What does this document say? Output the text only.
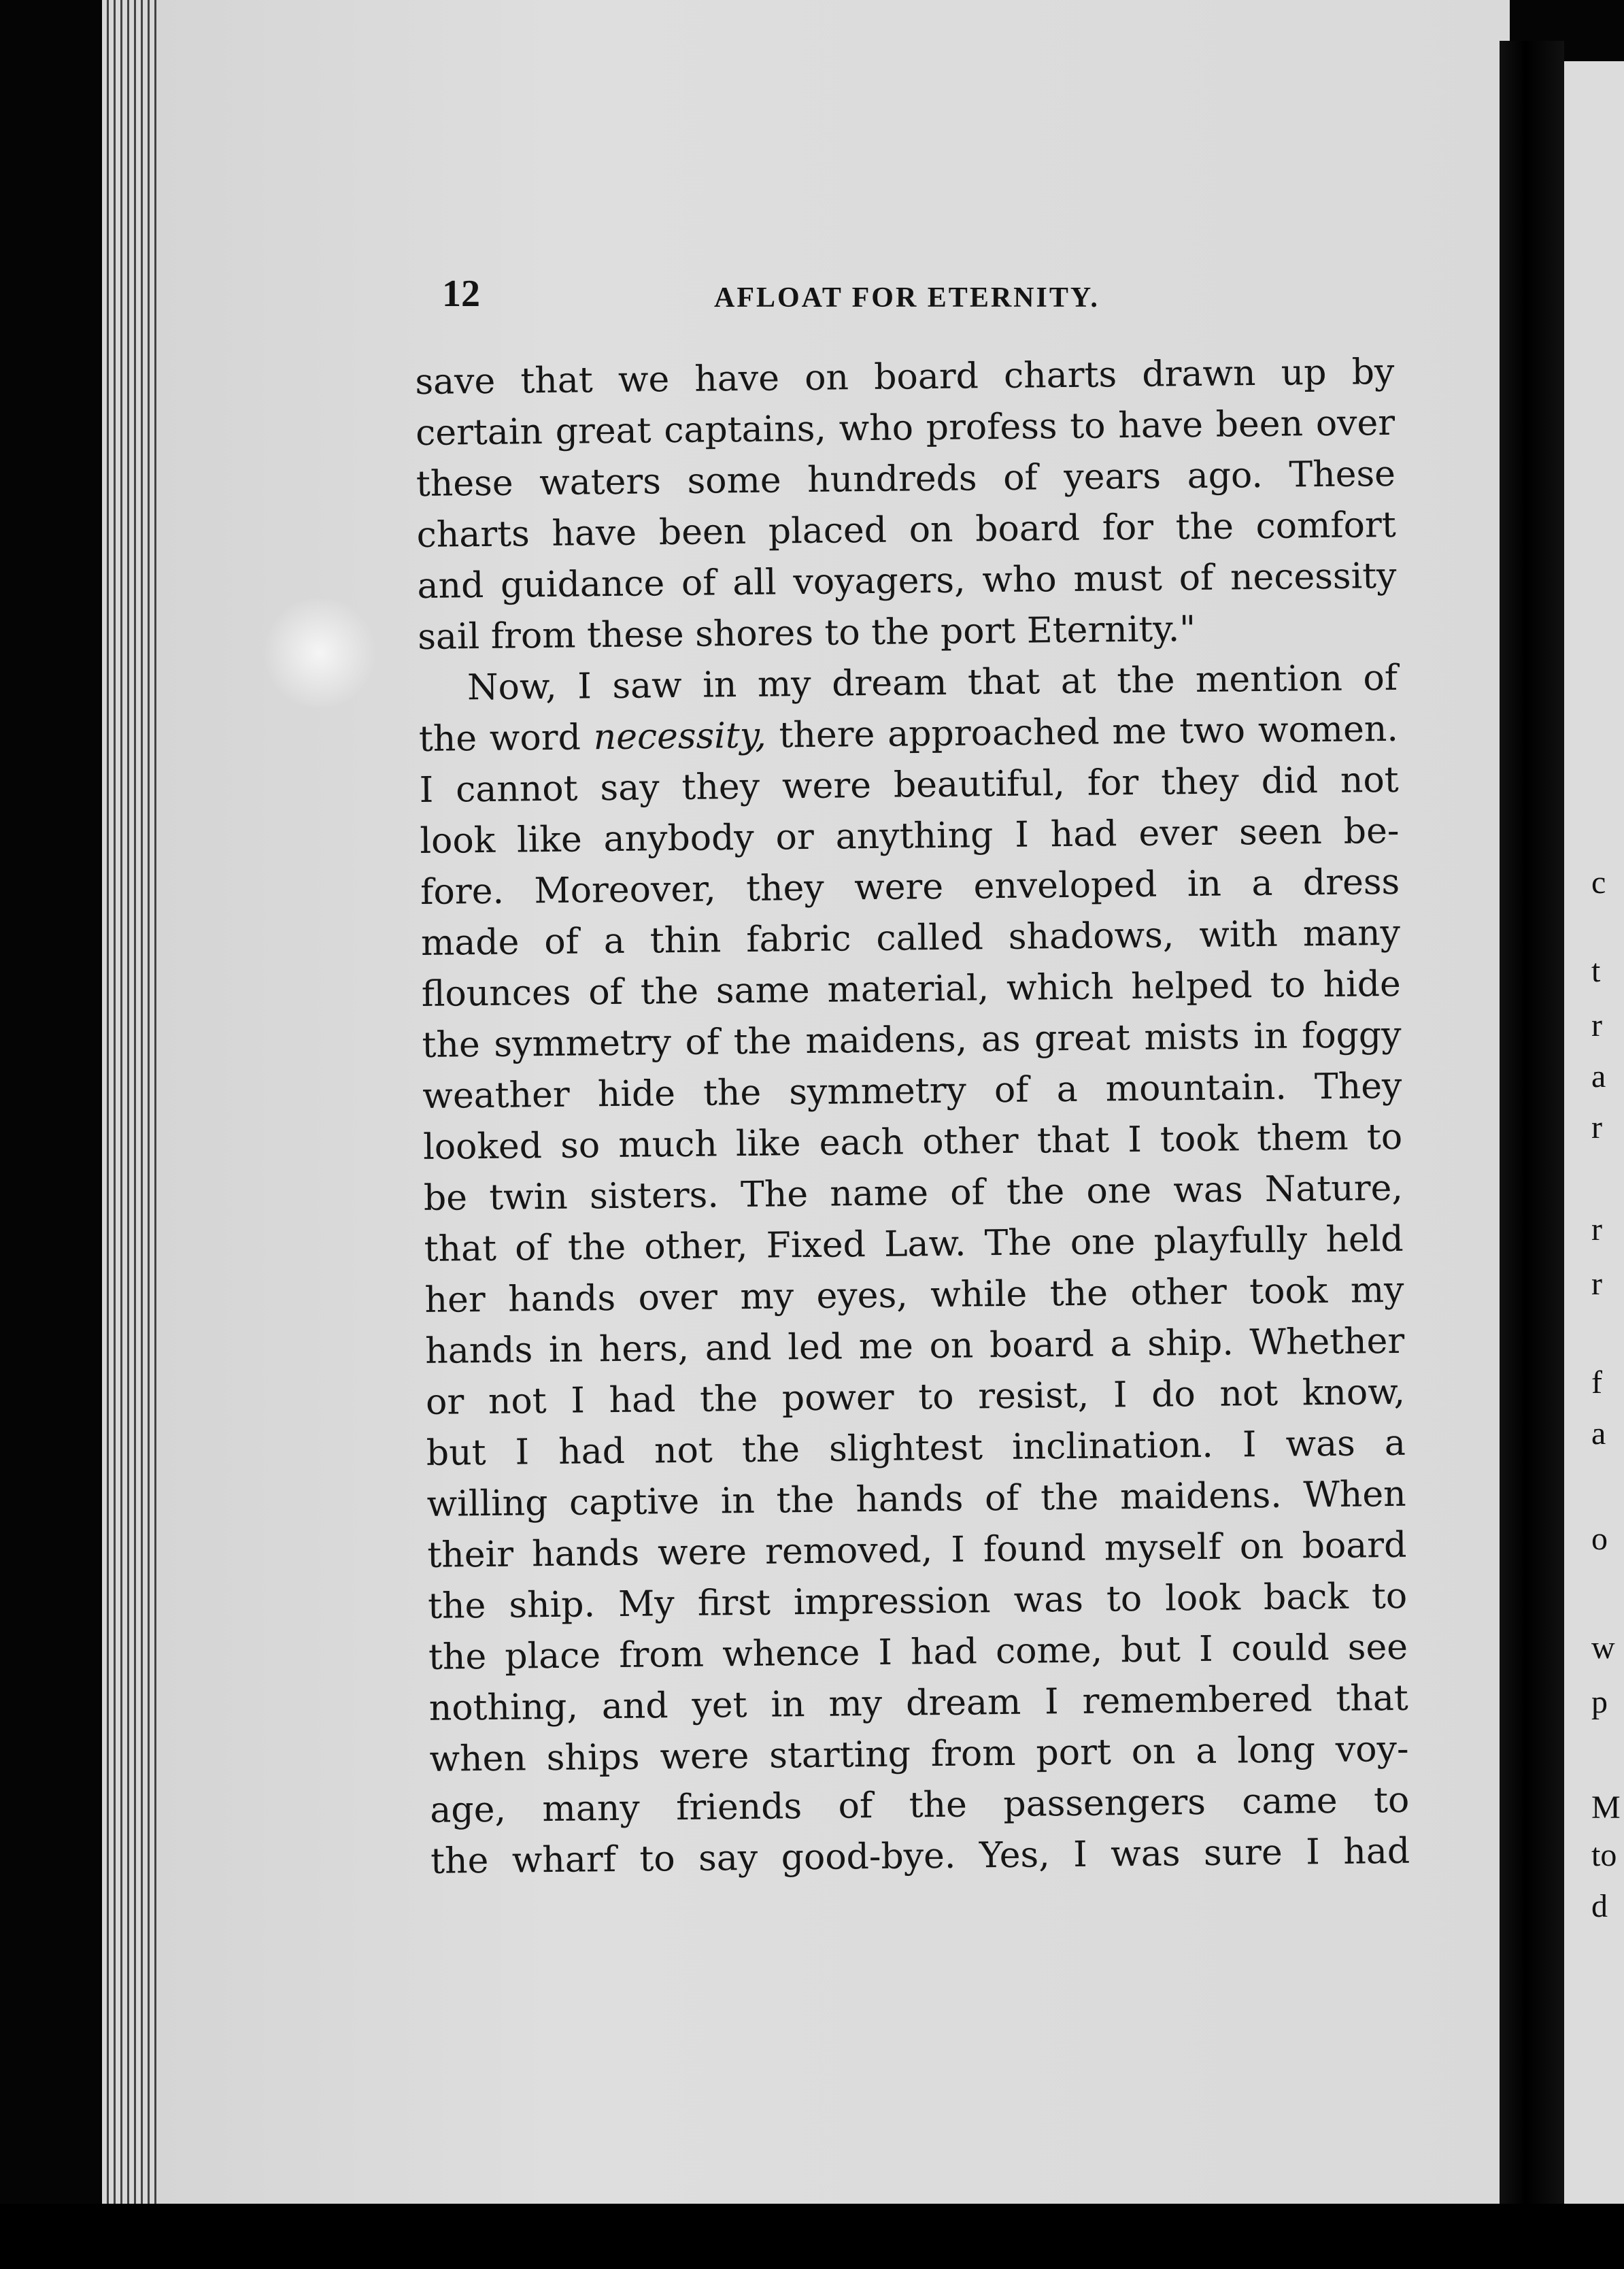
12	AFLOAT FOR ETERNITY.
save that we have on board charts drawn up by
certain great captains, who profess to have been over
these waters some hundreds of years ago. These
charts have been placed on board for the comfort
and guidance of all voyagers, who must of necessity
sail from these shores to the port Eternity."
Now, I saw in my dream that at the mention of
the word necessity, there approached me two women.
I cannot say they were beautiful, for they did not
look like anybody or anything I had ever seen be-
fore. Moreover, they were enveloped in a dress
made of a thin fabric called shadows, with many
flounces of the same material, which helped to hide
the symmetry of the maidens, as great mists in foggy
weather hide the symmetry of a mountain. They
looked so much like each other that I took them to
be twin sisters. The name of the one was Nature,
that of the other, Fixed Law. The one playfully held
her hands over my eyes, while the other took my
hands in hers, and led me on board a ship. Whether
or not I had the power to resist, I do not know,
but I had not the slightest inclination. I was a
willing captive in the hands of the maidens. When
their hands were removed, I found myself on board
the ship. My first impression was to look back to
the place from whence I had come, but I could see
nothing, and yet in my dream I remembered that
when ships were starting from port on a long voy-
age, many friends of the passengers came to
the wharf to say good-bye. Yes, I was sure I had
c
t
r
a
r
r
r
f
a
o
w
p
M
to
d
